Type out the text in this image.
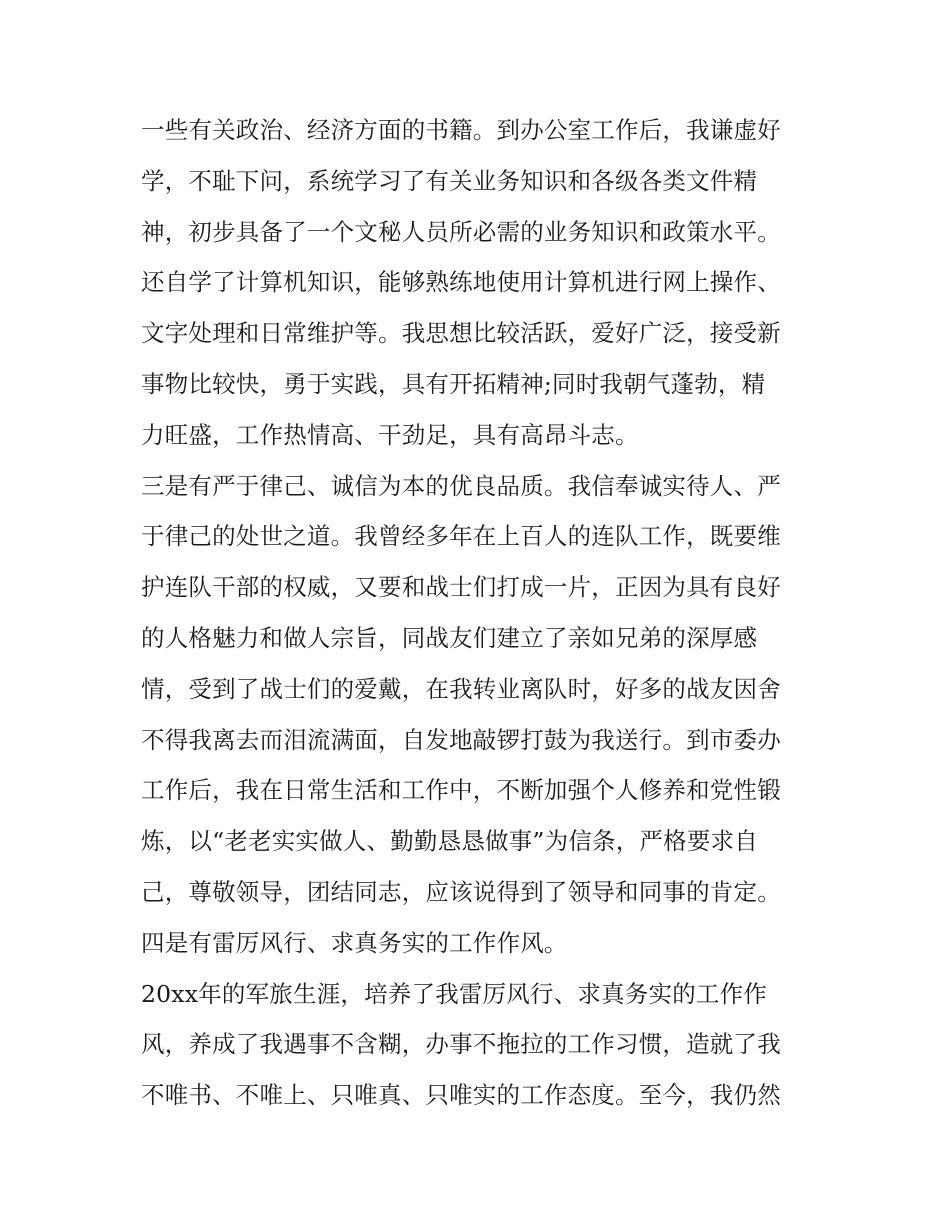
一些有关政治、经济方面的书籍。到办公室工作后，我谦虚好
学，不耻下问，系统学习了有关业务知识和各级各类文件精
神，初步具备了一个文秘人员所必需的业务知识和政策水平。
还自学了计算机知识，能够熟练地使用计算机进行网上操作、
文字处理和日常维护等。我思想比较活跃，爱好广泛，接受新
事物比较快，勇于实践，具有开拓精神;同时我朝气蓬勃，精
力旺盛，工作热情高、干劲足，具有高昂斗志。
三是有严于律己、诚信为本的优良品质。我信奉诚实待人、严
于律己的处世之道。我曾经多年在上百人的连队工作，既要维
护连队干部的权威，又要和战士们打成一片，正因为具有良好
的人格魅力和做人宗旨，同战友们建立了亲如兄弟的深厚感
情，受到了战士们的爱戴，在我转业离队时，好多的战友因舍
不得我离去而泪流满面，自发地敲锣打鼓为我送行。到市委办
工作后，我在日常生活和工作中，不断加强个人修养和党性锻
炼，以“老老实实做人、勤勤恳恳做事”为信条，严格要求自
己，尊敬领导，团结同志，应该说得到了领导和同事的肯定。
四是有雷厉风行、求真务实的工作作风。
20xx年的军旅生涯，培养了我雷厉风行、求真务实的工作作
风，养成了我遇事不含糊，办事不拖拉的工作习惯，造就了我
不唯书、不唯上、只唯真、只唯实的工作态度。至今，我仍然
